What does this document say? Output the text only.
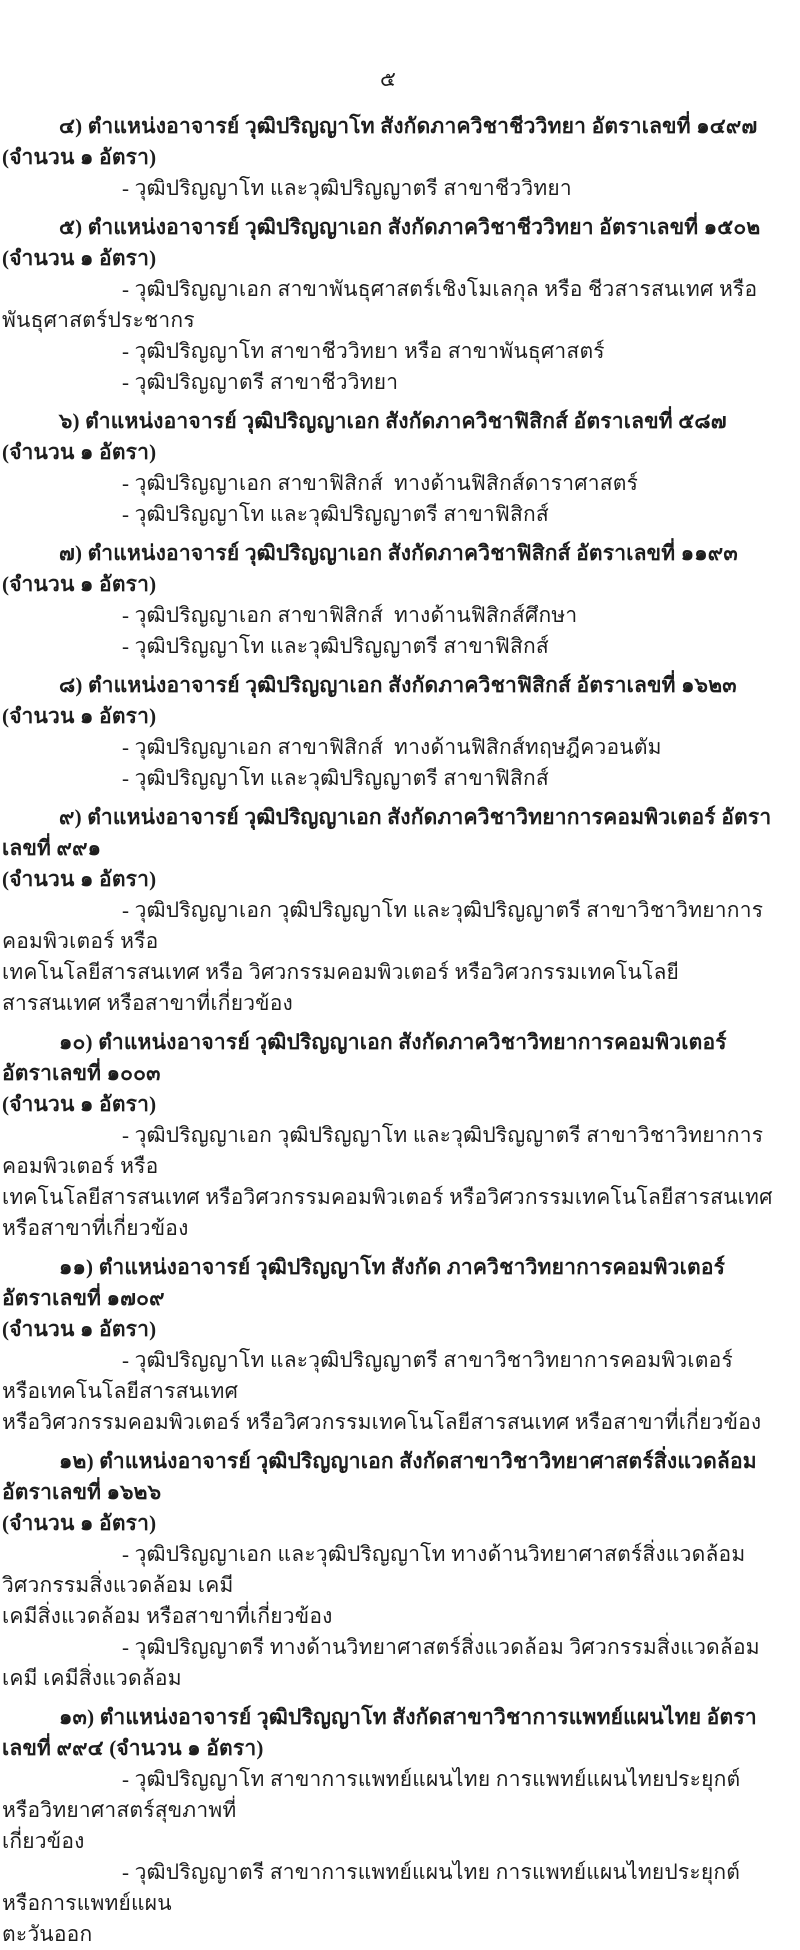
๕

๔) ตำแหน่งอาจารย์ วุฒิปริญญาโท สังกัดภาควิชาชีววิทยา อัตราเลขที่ ๑๔๙๗  (จำนวน ๑ อัตรา)

- วุฒิปริญญาโท และวุฒิปริญญาตรี สาขาชีววิทยา

๕) ตำแหน่งอาจารย์ วุฒิปริญญาเอก สังกัดภาควิชาชีววิทยา อัตราเลขที่ ๑๕๐๒ (จำนวน ๑ อัตรา)

- วุฒิปริญญาเอก สาขาพันธุศาสตร์เชิงโมเลกุล หรือ ชีวสารสนเทศ หรือ พันธุศาสตร์ประชากร

- วุฒิปริญญาโท สาขาชีววิทยา หรือ สาขาพันธุศาสตร์

- วุฒิปริญญาตรี สาขาชีววิทยา

๖) ตำแหน่งอาจารย์ วุฒิปริญญาเอก สังกัดภาควิชาฟิสิกส์ อัตราเลขที่ ๕๘๗ (จำนวน ๑ อัตรา)

- วุฒิปริญญาเอก สาขาฟิสิกส์  ทางด้านฟิสิกส์ดาราศาสตร์

- วุฒิปริญญาโท และวุฒิปริญญาตรี สาขาฟิสิกส์

๗) ตำแหน่งอาจารย์ วุฒิปริญญาเอก สังกัดภาควิชาฟิสิกส์ อัตราเลขที่ ๑๑๙๓ (จำนวน ๑ อัตรา)

- วุฒิปริญญาเอก สาขาฟิสิกส์  ทางด้านฟิสิกส์ศึกษา

- วุฒิปริญญาโท และวุฒิปริญญาตรี สาขาฟิสิกส์

๘) ตำแหน่งอาจารย์ วุฒิปริญญาเอก สังกัดภาควิชาฟิสิกส์ อัตราเลขที่ ๑๖๒๓ (จำนวน ๑ อัตรา)

- วุฒิปริญญาเอก สาขาฟิสิกส์  ทางด้านฟิสิกส์ทฤษฎีควอนตัม

- วุฒิปริญญาโท และวุฒิปริญญาตรี สาขาฟิสิกส์

๙) ตำแหน่งอาจารย์ วุฒิปริญญาเอก สังกัดภาควิชาวิทยาการคอมพิวเตอร์ อัตราเลขที่ ๙๙๑

(จำนวน ๑ อัตรา)

- วุฒิปริญญาเอก วุฒิปริญญาโท และวุฒิปริญญาตรี สาขาวิชาวิทยาการคอมพิวเตอร์ หรือ

เทคโนโลยีสารสนเทศ หรือ วิศวกรรมคอมพิวเตอร์ หรือวิศวกรรมเทคโนโลยีสารสนเทศ หรือสาขาที่เกี่ยวข้อง

๑๐) ตำแหน่งอาจารย์ วุฒิปริญญาเอก สังกัดภาควิชาวิทยาการคอมพิวเตอร์ อัตราเลขที่ ๑๐๐๓

(จำนวน ๑ อัตรา)

- วุฒิปริญญาเอก วุฒิปริญญาโท และวุฒิปริญญาตรี สาขาวิชาวิทยาการคอมพิวเตอร์ หรือ

เทคโนโลยีสารสนเทศ หรือวิศวกรรมคอมพิวเตอร์ หรือวิศวกรรมเทคโนโลยีสารสนเทศ หรือสาขาที่เกี่ยวข้อง

๑๑) ตำแหน่งอาจารย์ วุฒิปริญญาโท สังกัด ภาควิชาวิทยาการคอมพิวเตอร์ อัตราเลขที่ ๑๗๐๙

(จำนวน ๑ อัตรา)

- วุฒิปริญญาโท และวุฒิปริญญาตรี สาขาวิชาวิทยาการคอมพิวเตอร์ หรือเทคโนโลยีสารสนเทศ

หรือวิศวกรรมคอมพิวเตอร์ หรือวิศวกรรมเทคโนโลยีสารสนเทศ หรือสาขาที่เกี่ยวข้อง

๑๒) ตำแหน่งอาจารย์ วุฒิปริญญาเอก สังกัดสาขาวิชาวิทยาศาสตร์สิ่งแวดล้อม อัตราเลขที่ ๑๖๒๖

(จำนวน ๑ อัตรา)

- วุฒิปริญญาเอก และวุฒิปริญญาโท ทางด้านวิทยาศาสตร์สิ่งแวดล้อม วิศวกรรมสิ่งแวดล้อม เคมี

เคมีสิ่งแวดล้อม หรือสาขาที่เกี่ยวข้อง

- วุฒิปริญญาตรี ทางด้านวิทยาศาสตร์สิ่งแวดล้อม วิศวกรรมสิ่งแวดล้อม เคมี เคมีสิ่งแวดล้อม

๑๓) ตำแหน่งอาจารย์ วุฒิปริญญาโท สังกัดสาขาวิชาการแพทย์แผนไทย อัตราเลขที่ ๙๙๔ (จำนวน ๑ อัตรา)

- วุฒิปริญญาโท สาขาการแพทย์แผนไทย การแพทย์แผนไทยประยุกต์ หรือวิทยาศาสตร์สุขภาพที่

เกี่ยวข้อง

- วุฒิปริญญาตรี สาขาการแพทย์แผนไทย การแพทย์แผนไทยประยุกต์ หรือการแพทย์แผน

ตะวันออก
